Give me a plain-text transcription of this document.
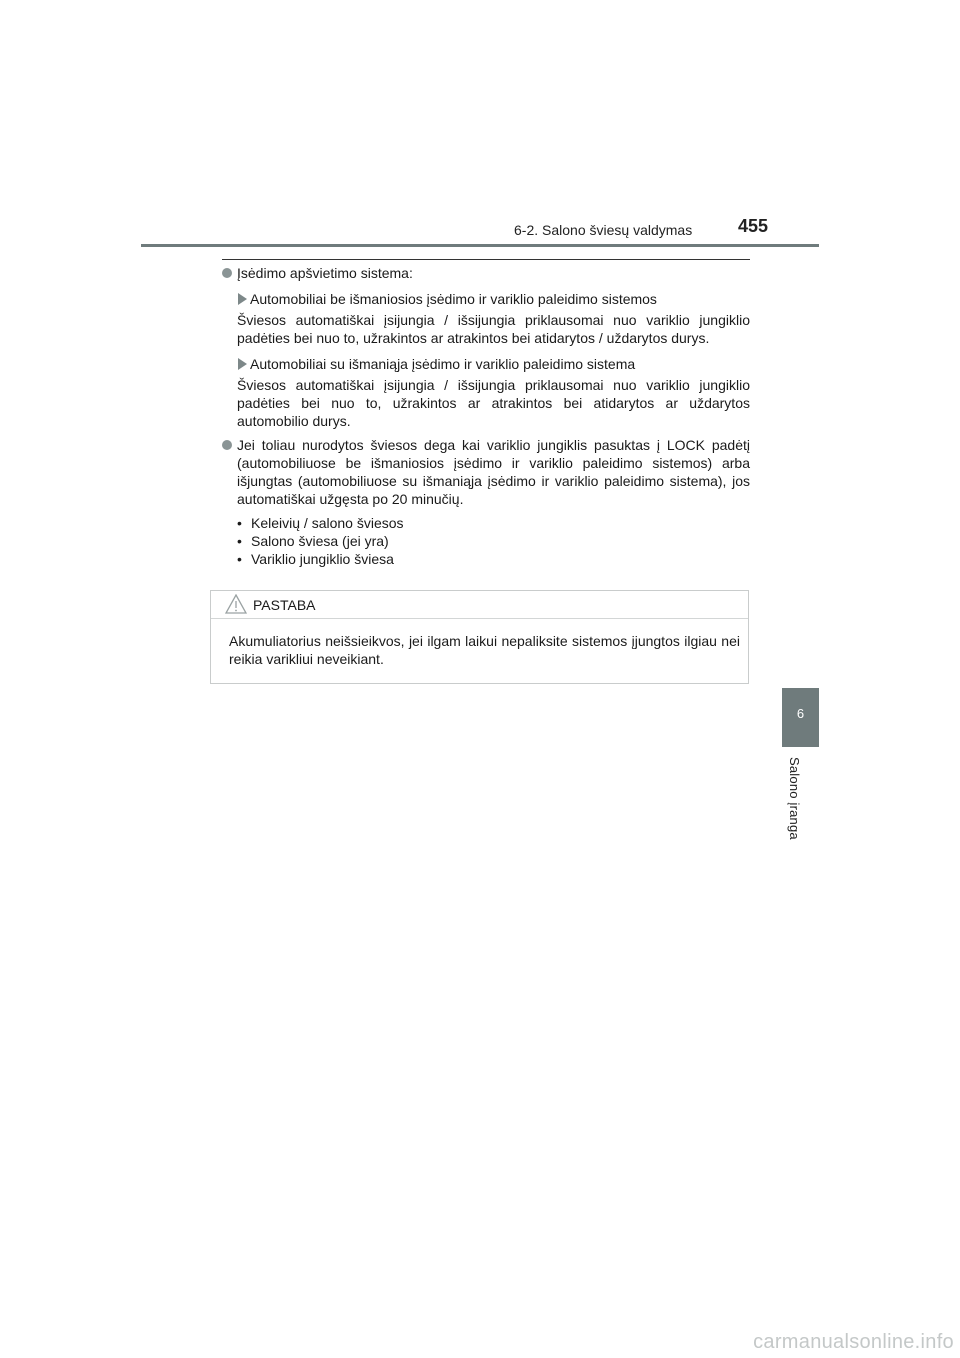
6-2. Salono šviesų valdymas	455
6
Salono įranga
Įsėdimo apšvietimo sistema:
Automobiliai be išmaniosios įsėdimo ir variklio paleidimo sistemos
Šviesos automatiškai įsijungia / išsijungia priklausomai nuo variklio jungiklio padėties bei nuo to, užrakintos ar atrakintos bei atidarytos / uždarytos durys.
Automobiliai su išmaniąja įsėdimo ir variklio paleidimo sistema
Šviesos automatiškai įsijungia / išsijungia priklausomai nuo variklio jungiklio padėties bei nuo to, užrakintos ar atrakintos bei atidarytos ar uždarytos automobilio durys.
Jei toliau nurodytos šviesos dega kai variklio jungiklis pasuktas į LOCK padėtį (automobiliuose be išmaniosios įsėdimo ir variklio paleidimo sistemos) arba išjungtas (automobiliuose su išmaniąja įsėdimo ir variklio paleidimo sistema), jos automatiškai užgęsta po 20 minučių.
• Keleivių / salono šviesos
• Salono šviesa (jei yra)
• Variklio jungiklio šviesa
PASTABA
Akumuliatorius neišsieikvos, jei ilgam laikui nepaliksite sistemos įjungtos ilgiau nei reikia varikliui neveikiant.
carmanualsonline.info
